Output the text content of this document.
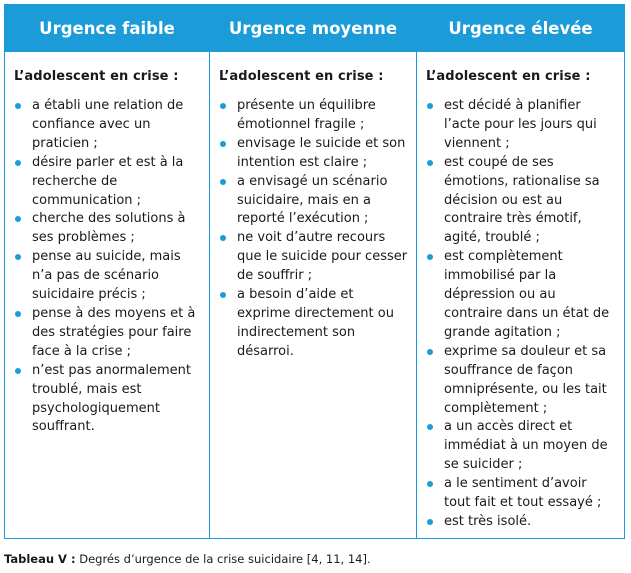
Urgence faible

L’adolescent en crise :

a établi une relation de confiance avec un praticien ;
désire parler et est à la recherche de communication ;
cherche des solutions à ses problèmes ;
pense au suicide, mais n’a pas de scénario suicidaire précis ;
pense à des moyens et à des stratégies pour faire face à la crise ;
n’est pas anormalement troublé, mais est psychologiquement souffrant.
Urgence moyenne

L’adolescent en crise :

présente un équilibre émotionnel fragile ;
envisage le suicide et son intention est claire ;
a envisagé un scénario suicidaire, mais en a reporté l’exécution ;
ne voit d’autre recours que le suicide pour cesser de souffrir ;
a besoin d’aide et exprime directement ou indirectement son désarroi.
Urgence élevée

L’adolescent en crise :

est décidé à planifier l’acte pour les jours qui viennent ;
est coupé de ses émotions, rationalise sa décision ou est au contraire très émotif, agité, troublé ;
est complètement immobilisé par la dépression ou au contraire dans un état de grande agitation ;
exprime sa douleur et sa souffrance de façon omniprésente, ou les tait complètement ;
a un accès direct et immédiat à un moyen de se suicider ;
a le sentiment d’avoir tout fait et tout essayé ;
est très isolé.
Tableau V : Degrés d’urgence de la crise suicidaire [4, 11, 14].
